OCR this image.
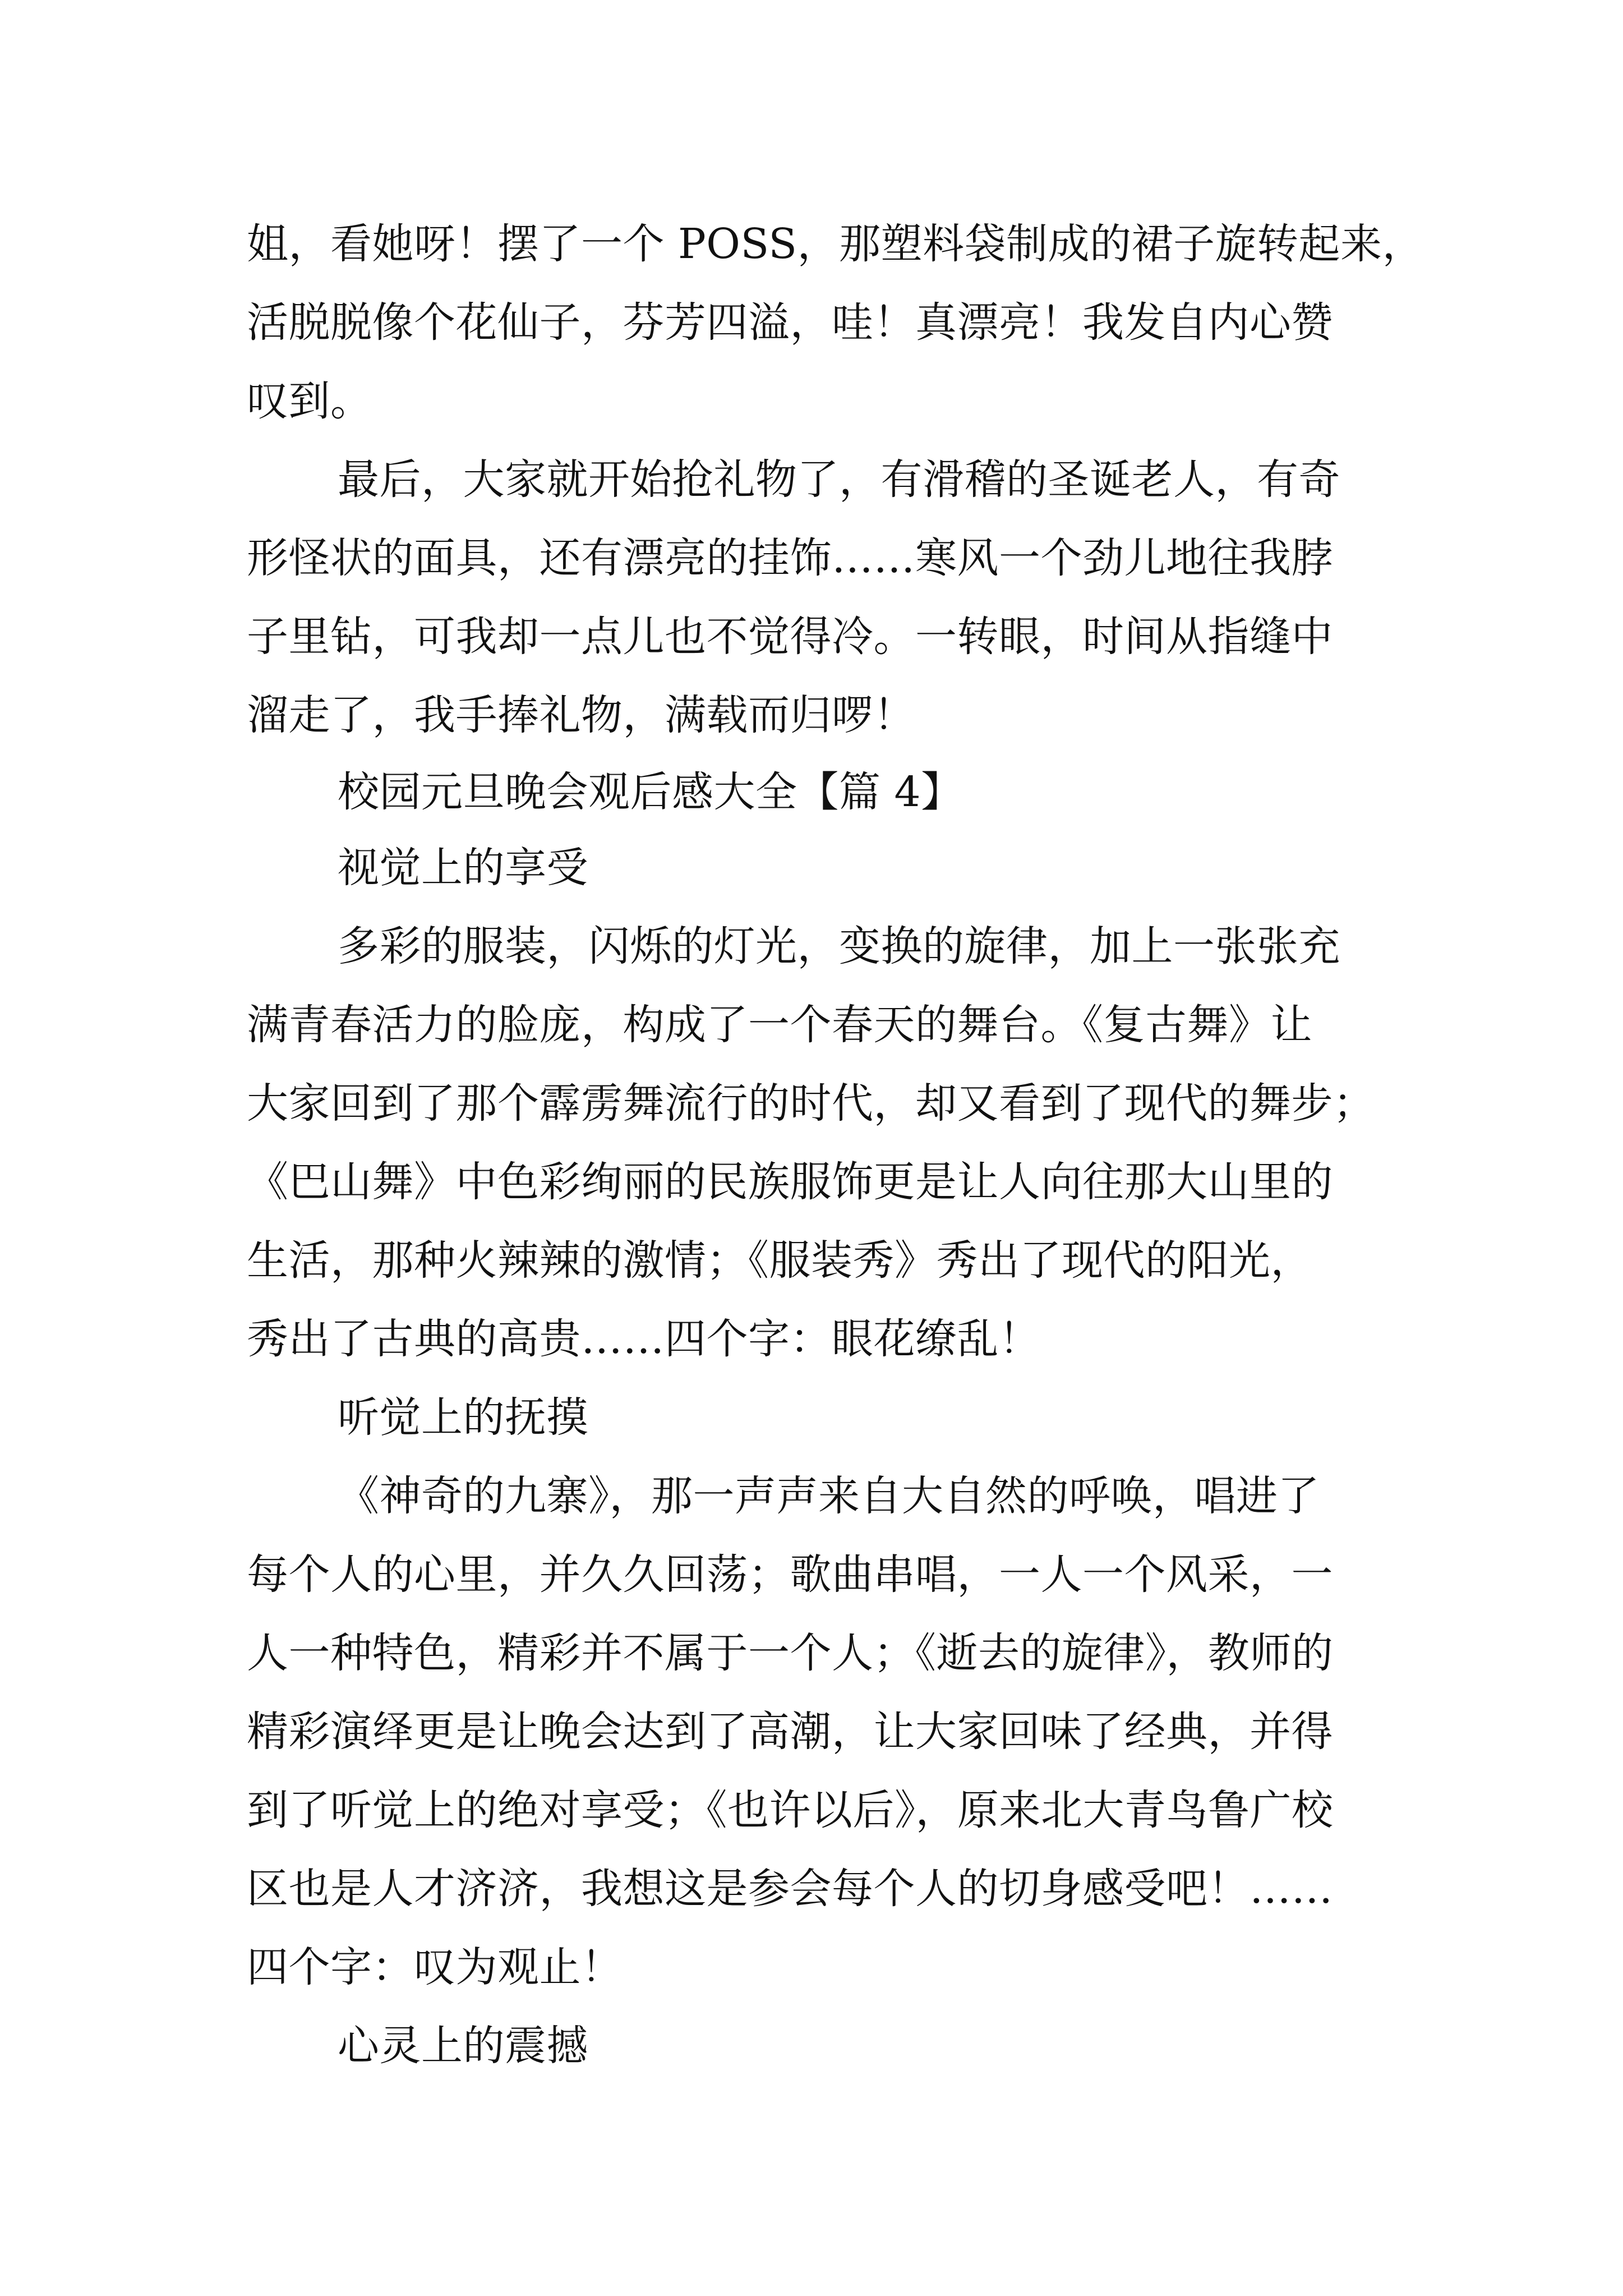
姐，看她呀！摆了一个 POSS，那塑料袋制成的裙子旋转起来，
活脱脱像个花仙子，芬芳四溢，哇！真漂亮！我发自内心赞
叹到。
最后，大家就开始抢礼物了，有滑稽的圣诞老人，有奇
形怪状的面具，还有漂亮的挂饰……寒风一个劲儿地往我脖
子里钻，可我却一点儿也不觉得冷。一转眼，时间从指缝中
溜走了，我手捧礼物，满载而归啰！
校园元旦晚会观后感大全【篇 4】
视觉上的享受
多彩的服装，闪烁的灯光，变换的旋律，加上一张张充
满青春活力的脸庞，构成了一个春天的舞台。《复古舞》让
大家回到了那个霹雳舞流行的时代，却又看到了现代的舞步；
《巴山舞》中色彩绚丽的民族服饰更是让人向往那大山里的
生活，那种火辣辣的激情；《服装秀》秀出了现代的阳光，
秀出了古典的高贵……四个字：眼花缭乱！
听觉上的抚摸
《神奇的九寨》，那一声声来自大自然的呼唤，唱进了
每个人的心里，并久久回荡；歌曲串唱，一人一个风采，一
人一种特色，精彩并不属于一个人；《逝去的旋律》，教师的
精彩演绎更是让晚会达到了高潮，让大家回味了经典，并得
到了听觉上的绝对享受；《也许以后》，原来北大青鸟鲁广校
区也是人才济济，我想这是参会每个人的切身感受吧！……
四个字：叹为观止！
心灵上的震撼
